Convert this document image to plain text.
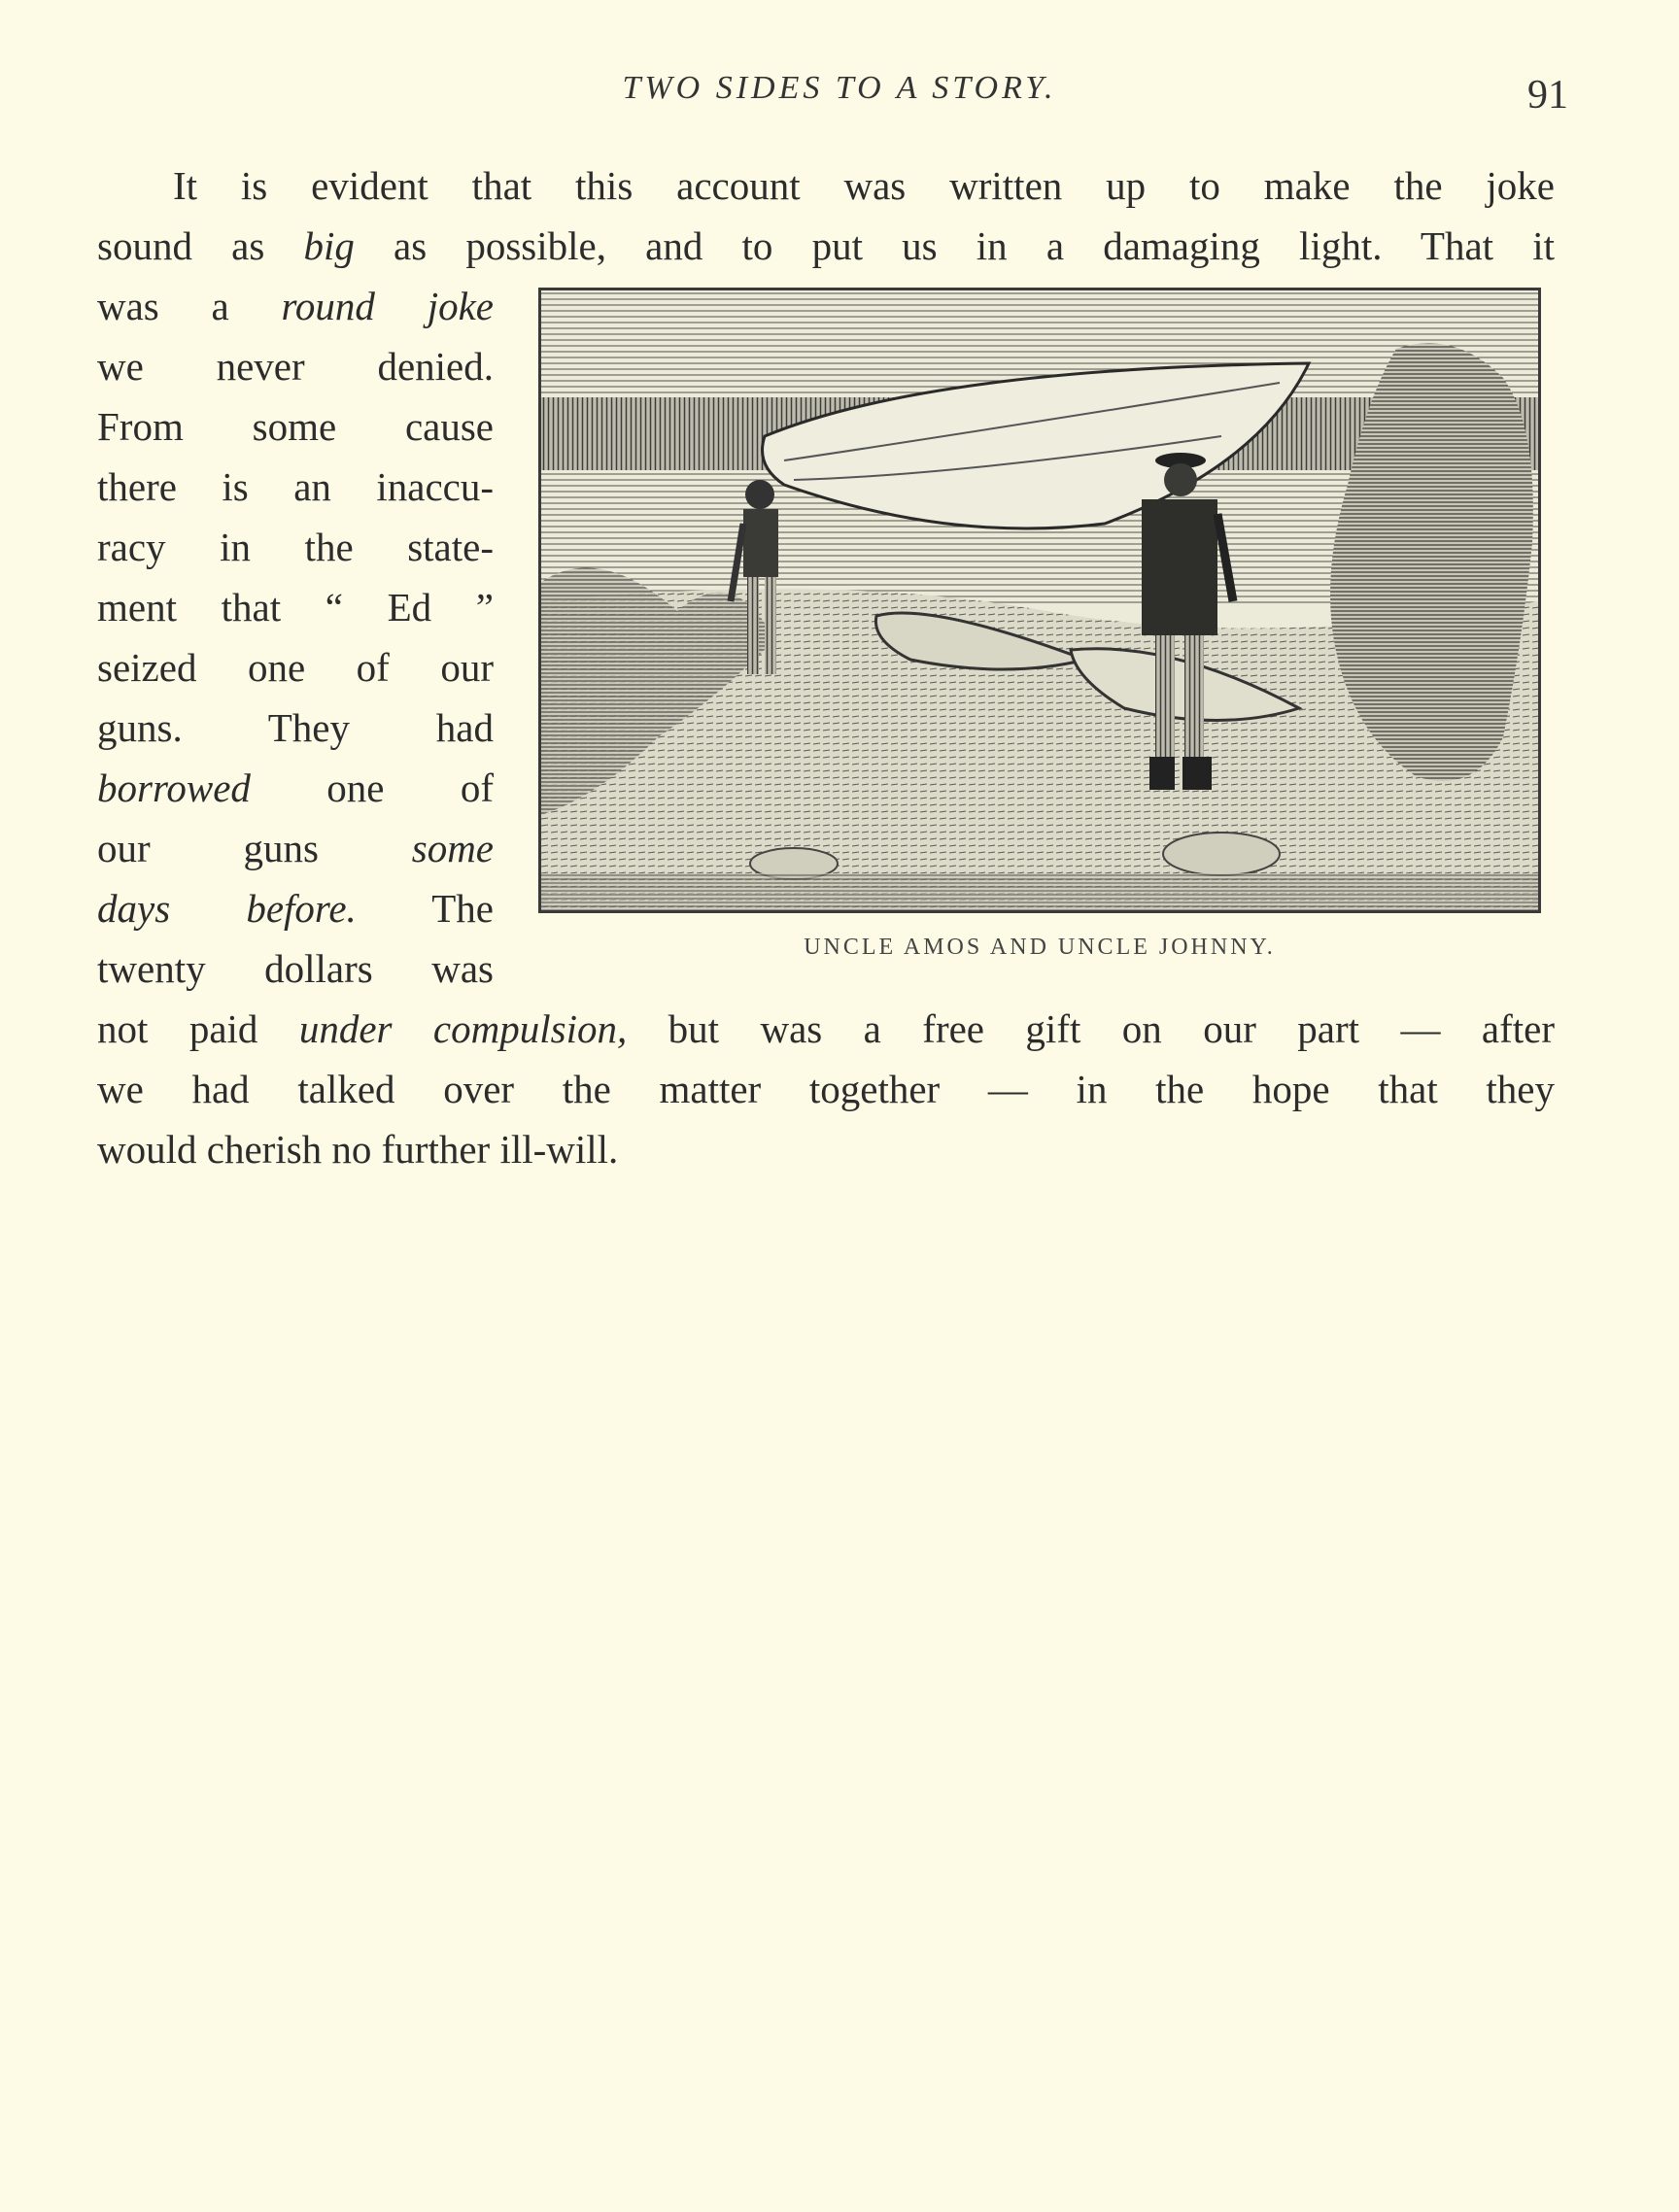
TWO SIDES TO A STORY.	91
It is evident that this account was written up to make the joke
sound as big as possible, and to put us in a damaging light. That it
was a round joke
we never denied.
From some cause
there is an inaccu-
racy in the state-
ment that “ Ed ”
seized one of our
guns. They had
borrowed one of
our guns some
days before. The
twenty dollars was
not paid under compulsion, but was a free gift on our part — after
we had talked over the matter together — in the hope that they
would cherish no further ill-will.
UNCLE AMOS AND UNCLE JOHNNY.
